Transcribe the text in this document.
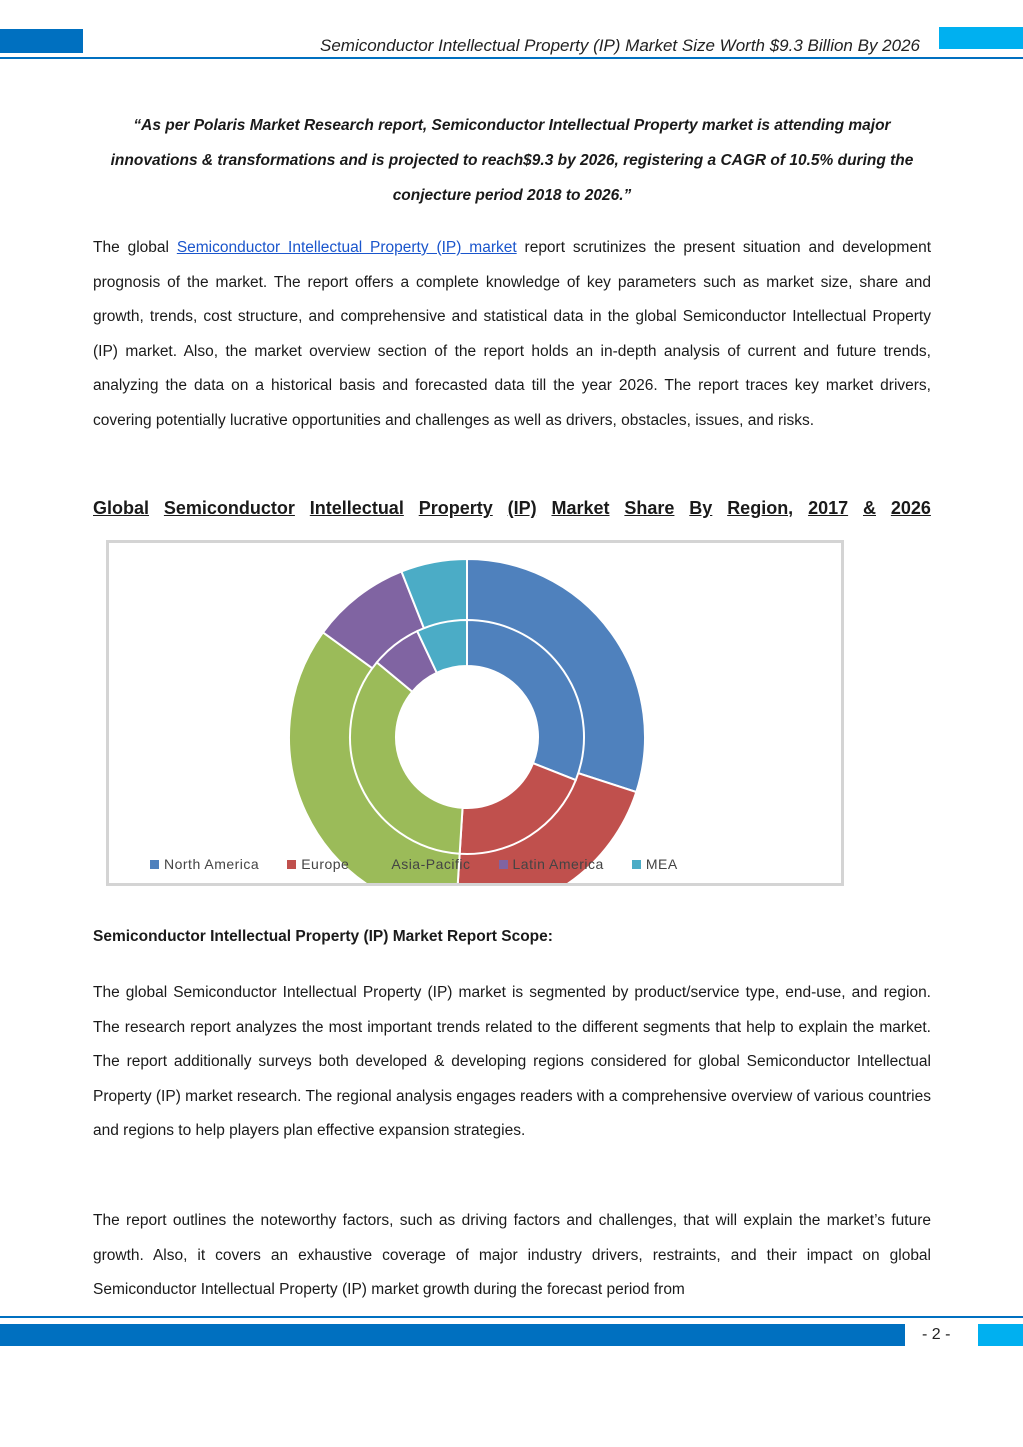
Semiconductor Intellectual Property (IP) Market Size Worth $9.3 Billion By 2026
“As per Polaris Market Research report, Semiconductor Intellectual Property market is attending major innovations & transformations and is projected to reach$9.3 by 2026, registering a CAGR of 10.5% during the conjecture period 2018 to 2026.”
The global Semiconductor Intellectual Property (IP) market report scrutinizes the present situation and development prognosis of the market. The report offers a complete knowledge of key parameters such as market size, share and growth, trends, cost structure, and comprehensive and statistical data in the global Semiconductor Intellectual Property (IP) market. Also, the market overview section of the report holds an in-depth analysis of current and future trends, analyzing the data on a historical basis and forecasted data till the year 2026. The report traces key market drivers, covering potentially lucrative opportunities and challenges as well as drivers, obstacles, issues, and risks.
Global Semiconductor Intellectual Property (IP) Market Share By Region, 2017 & 2026
North America	Europe	Asia-Pacific	Latin America	MEA
Semiconductor Intellectual Property (IP) Market Report Scope:
The global Semiconductor Intellectual Property (IP) market is segmented by product/service type, end-use, and region. The research report analyzes the most important trends related to the different segments that help to explain the market. The report additionally surveys both developed & developing regions considered for global Semiconductor Intellectual Property (IP) market research. The regional analysis engages readers with a comprehensive overview of various countries and regions to help players plan effective expansion strategies.
The report outlines the noteworthy factors, such as driving factors and challenges, that will explain the market’s future growth. Also, it covers an exhaustive coverage of major industry drivers, restraints, and their impact on global Semiconductor Intellectual Property (IP) market growth during the forecast period from
- 2 -
